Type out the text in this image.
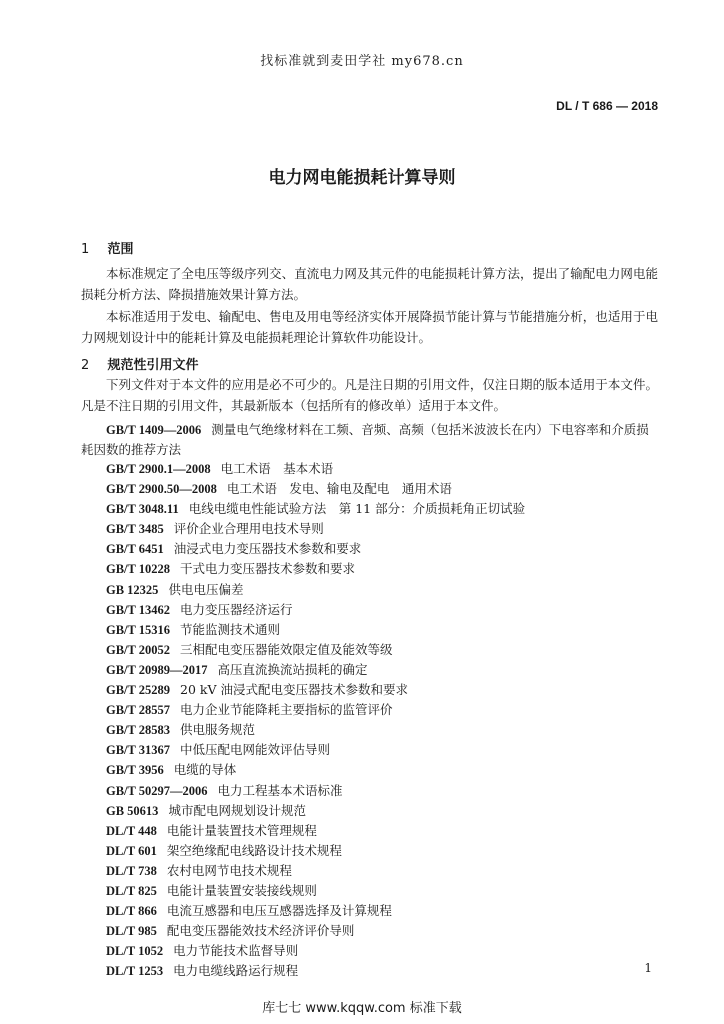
找标准就到麦田学社 my678.cn
DL / T 686 — 2018
电力网电能损耗计算导则
1 范围

本标准规定了全电压等级序列交、直流电力网及其元件的电能损耗计算方法，提出了输配电力网电能损耗分析方法、降损措施效果计算方法。

本标准适用于发电、输配电、售电及用电等经济实体开展降损节能计算与节能措施分析，也适用于电力网规划设计中的能耗计算及电能损耗理论计算软件功能设计。

2 规范性引用文件

下列文件对于本文件的应用是必不可少的。凡是注日期的引用文件，仅注日期的版本适用于本文件。凡是不注日期的引用文件，其最新版本（包括所有的修改单）适用于本文件。

GB/T 1409—2006 测量电气绝缘材料在工频、音频、高频（包括米波波长在内）下电容率和介质损耗因数的推荐方法
GB/T 2900.1—2008 电工术语　基本术语
GB/T 2900.50—2008 电工术语　发电、输电及配电　通用术语
GB/T 3048.11 电线电缆电性能试验方法　第 11 部分：介质损耗角正切试验
GB/T 3485 评价企业合理用电技术导则
GB/T 6451 油浸式电力变压器技术参数和要求
GB/T 10228 干式电力变压器技术参数和要求
GB 12325 供电电压偏差
GB/T 13462 电力变压器经济运行
GB/T 15316 节能监测技术通则
GB/T 20052 三相配电变压器能效限定值及能效等级
GB/T 20989—2017 高压直流换流站损耗的确定
GB/T 25289 20 kV 油浸式配电变压器技术参数和要求
GB/T 28557 电力企业节能降耗主要指标的监管评价
GB/T 28583 供电服务规范
GB/T 31367 中低压配电网能效评估导则
GB/T 3956 电缆的导体
GB/T 50297—2006 电力工程基本术语标准
GB 50613 城市配电网规划设计规范
DL/T 448 电能计量装置技术管理规程
DL/T 601 架空绝缘配电线路设计技术规程
DL/T 738 农村电网节电技术规程
DL/T 825 电能计量装置安装接线规则
DL/T 866 电流互感器和电压互感器选择及计算规程
DL/T 985 配电变压器能效技术经济评价导则
DL/T 1052 电力节能技术监督导则
DL/T 1253 电力电缆线路运行规程	1
库七七 www.kqqw.com 标准下载
